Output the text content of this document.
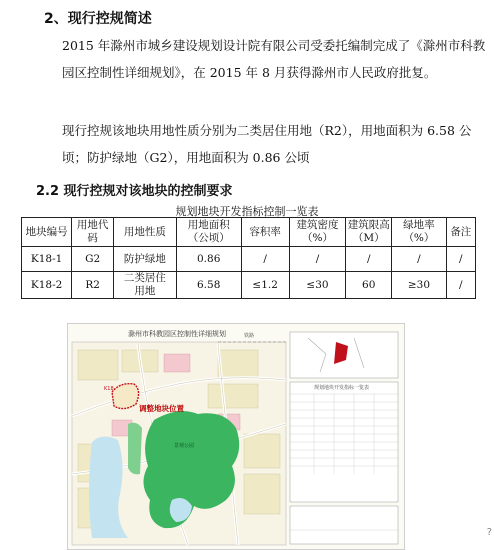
2、现行控规简述
2015 年滁州市城乡建设规划设计院有限公司受委托编制完成了《滁州市科教园区控制性详细规划》，在 2015 年 8 月获得滁州市人民政府批复。
现行控规该地块用地性质分别为二类居住用地（R2），用地面积为 6.58 公顷；防护绿地（G2），用地面积为 0.86 公顷
2.2 现行控规对该地块的控制要求
规划地块开发指标控制一览表
地块编号	用地代码	用地性质	用地面积（公顷）	容积率	建筑密度（%）	建筑限高（M）	绿地率（%）	备注
K18-1	G2	防护绿地	0.86	/	/	/	/	/
K18-2	R2	二类居住用地	6.58	≤1.2	≤30	60	≥30	/
滁州市科教园区控制性详细规划
调整地块位置
K18
铁路
景观公园
规划地块开发指标一览表
?
